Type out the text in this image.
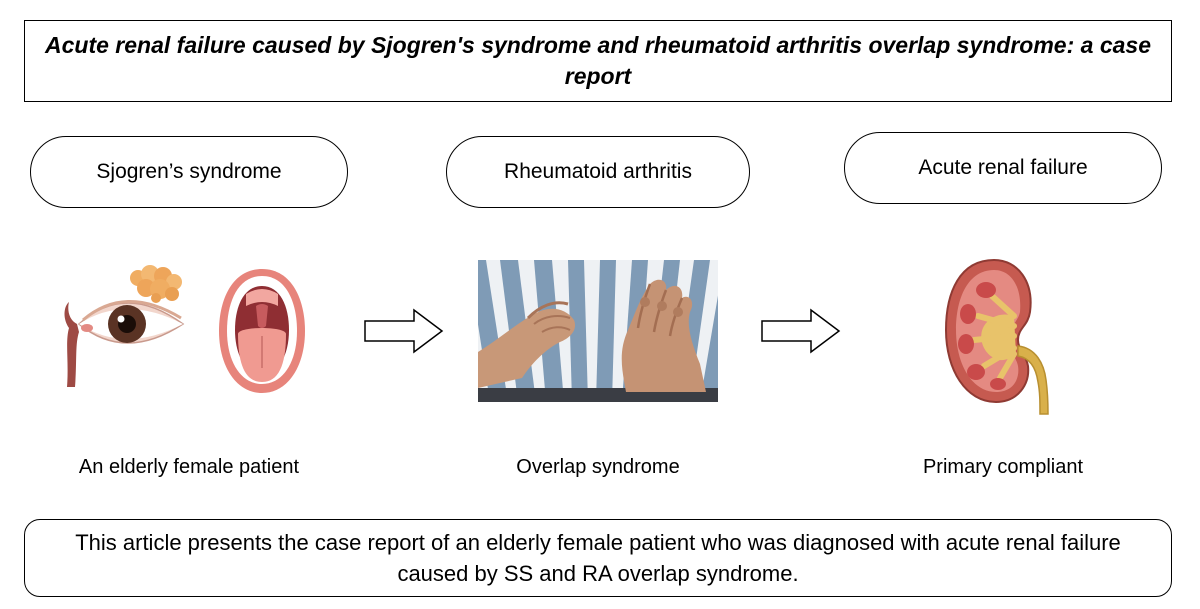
Acute renal failure caused by Sjogren's syndrome and rheumatoid arthritis overlap syndrome: a case report
Sjogren’s syndrome	Rheumatoid arthritis	Acute renal failure
An elderly female patient	Overlap syndrome	Primary compliant
This article presents the case report of an elderly female patient who was diagnosed with acute renal failure caused by SS and RA overlap syndrome.
